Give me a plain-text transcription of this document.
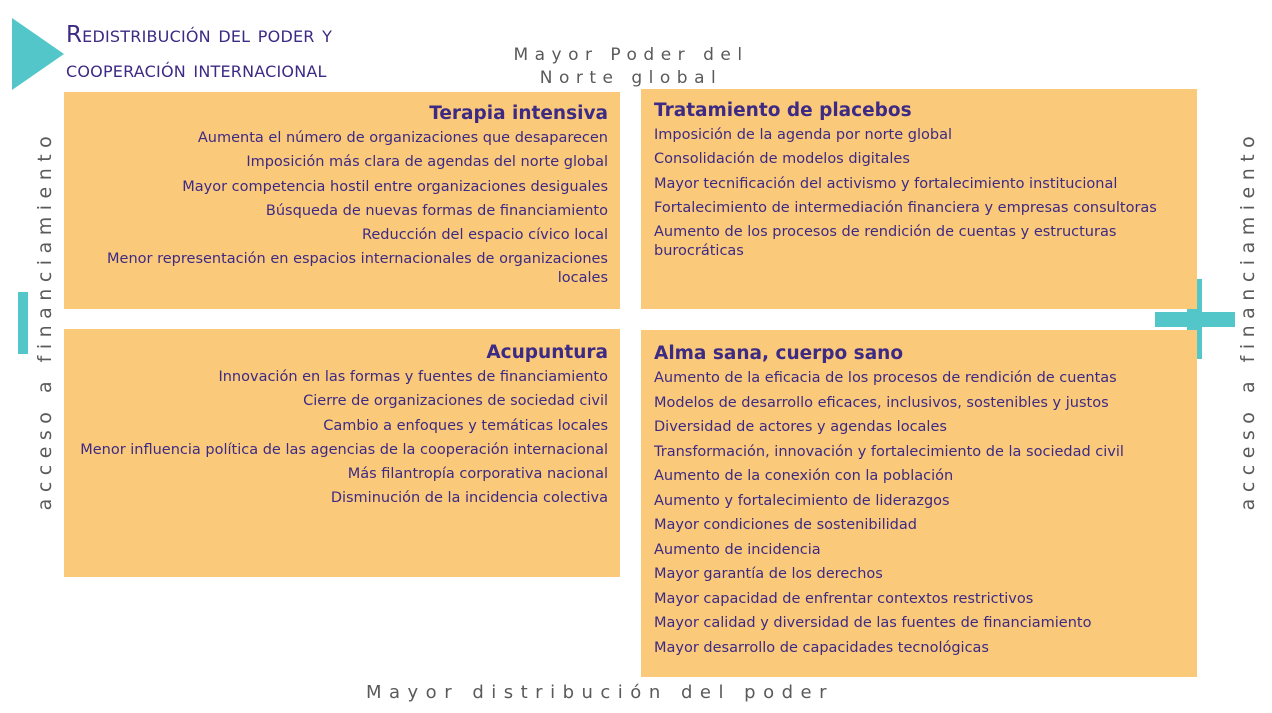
Redistribución del poder y
cooperación internacional
Mayor Poder del
Norte global
acceso a financiamiento	acceso a financiamiento
Mayor distribución del poder
Terapia intensiva
Aumenta el número de organizaciones que desaparecen
Imposición más clara de agendas del norte global
Mayor competencia hostil entre organizaciones desiguales
Búsqueda de nuevas formas de financiamiento
Reducción del espacio cívico local
Menor representación en espacios internacionales de organizaciones locales
Tratamiento de placebos
Imposición de la agenda por norte global
Consolidación de modelos digitales
Mayor tecnificación del activismo y fortalecimiento institucional
Fortalecimiento de intermediación financiera y empresas consultoras
Aumento de los procesos de rendición de cuentas y estructuras burocráticas
Acupuntura
Innovación en las formas y fuentes de financiamiento
Cierre de organizaciones de sociedad civil
Cambio a enfoques y temáticas locales
Menor influencia política de las agencias de la cooperación internacional
Más filantropía corporativa nacional
Disminución de la incidencia colectiva
Alma sana, cuerpo sano
Aumento de la eficacia de los procesos de rendición de cuentas
Modelos de desarrollo eficaces, inclusivos, sostenibles y justos
Diversidad de actores y agendas locales
Transformación, innovación y fortalecimiento de la sociedad civil
Aumento de la conexión con la población
Aumento y fortalecimiento de liderazgos
Mayor condiciones de sostenibilidad
Aumento de incidencia
Mayor garantía de los derechos
Mayor capacidad de enfrentar contextos restrictivos
Mayor calidad y diversidad de las fuentes de financiamiento
Mayor desarrollo de capacidades tecnológicas
